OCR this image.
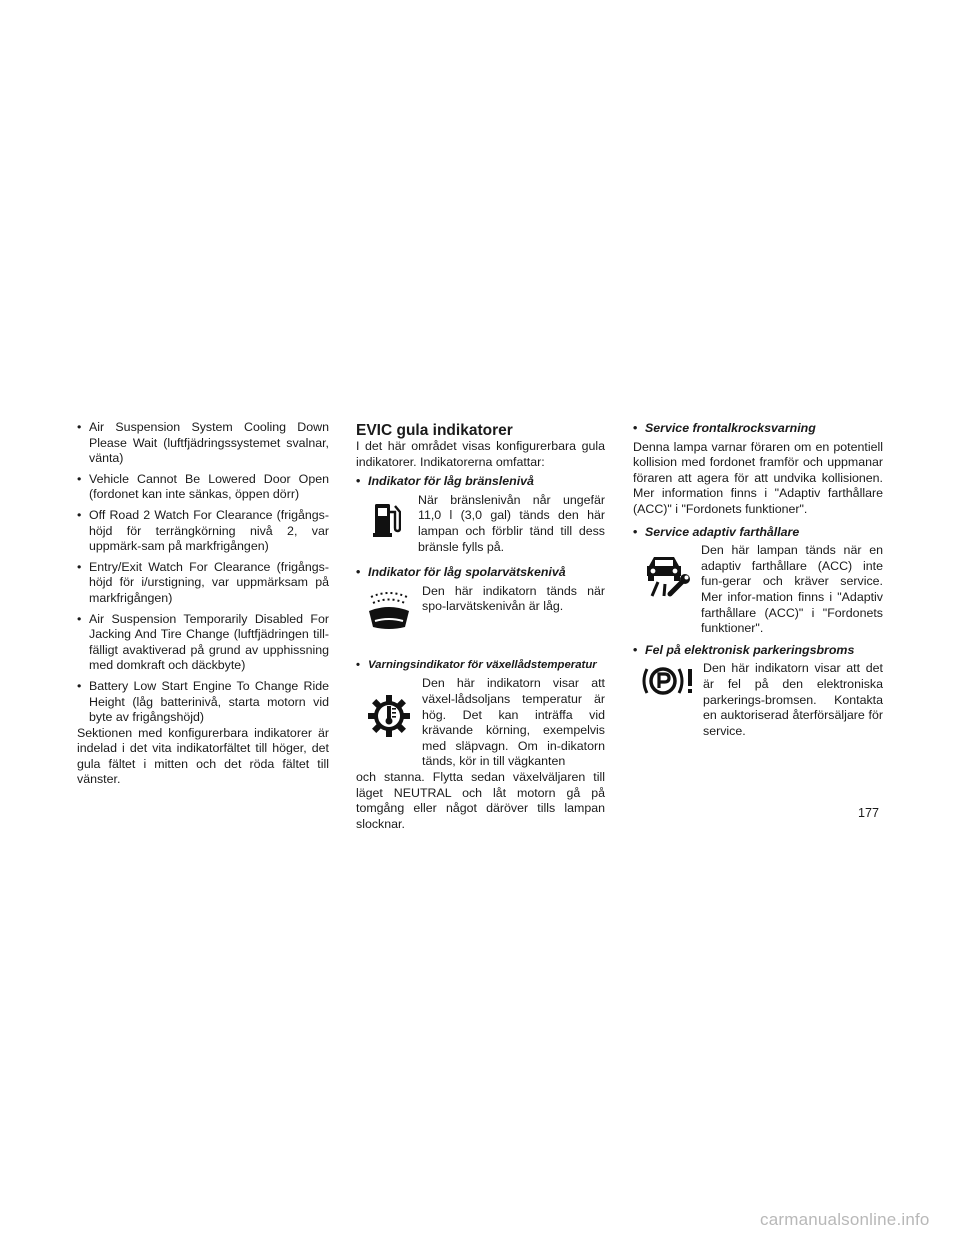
• Air Suspension System Cooling Down Please Wait (luftfjädringssystemet svalnar, vänta)
• Vehicle Cannot Be Lowered Door Open (fordonet kan inte sänkas, öppen dörr)
• Off Road 2 Watch For Clearance (frigångs-höjd för terrängkörning nivå 2, var uppmärk-sam på markfrigången)
• Entry/Exit Watch For Clearance (frigångs-höjd för i/urstigning, var uppmärksam på markfrigången)
• Air Suspension Temporarily Disabled For Jacking And Tire Change (luftfjädringen till-fälligt avaktiverad på grund av upphissning med domkraft och däckbyte)
• Battery Low Start Engine To Change Ride Height (låg batterinivå, starta motorn vid byte av frigångshöjd)

Sektionen med konfigurerbara indikatorer är indelad i det vita indikatorfältet till höger, det gula fältet i mitten och det röda fältet till vänster.

EVIC gula indikatorer

I det här området visas konfigurerbara gula indikatorer. Indikatorerna omfattar:

• Indikator för låg bränslenivå

När bränslenivån når ungefär 11,0 l (3,0 gal) tänds den här lampan och förblir tänd till dess bränsle fylls på.

• Indikator för låg spolarvätskenivå

Den här indikatorn tänds när spo-larvätskenivån är låg.

• Varningsindikator för växellådstemperatur

Den här indikatorn visar att växel-lådsoljans temperatur är hög. Det kan inträffa vid krävande körning, exempelvis med släpvagn. Om in-dikatorn tänds, kör in till vägkanten

och stanna. Flytta sedan växelväljaren till läget NEUTRAL och låt motorn gå på tomgång eller något däröver tills lampan slocknar.

• Service frontalkrocksvarning

Denna lampa varnar föraren om en potentiell kollision med fordonet framför och uppmanar föraren att agera för att undvika kollisionen. Mer information finns i "Adaptiv farthållare (ACC)" i "Fordonets funktioner".

• Service adaptiv farthållare

Den här lampan tänds när en adaptiv farthållare (ACC) inte fun-gerar och kräver service. Mer infor-mation finns i "Adaptiv farthållare (ACC)" i "Fordonets funktioner".

• Fel på elektronisk parkeringsbroms

Den här indikatorn visar att det är fel på den elektroniska parkerings-bromsen. Kontakta en auktoriserad återförsäljare för service.

177
carmanualsonline.info
